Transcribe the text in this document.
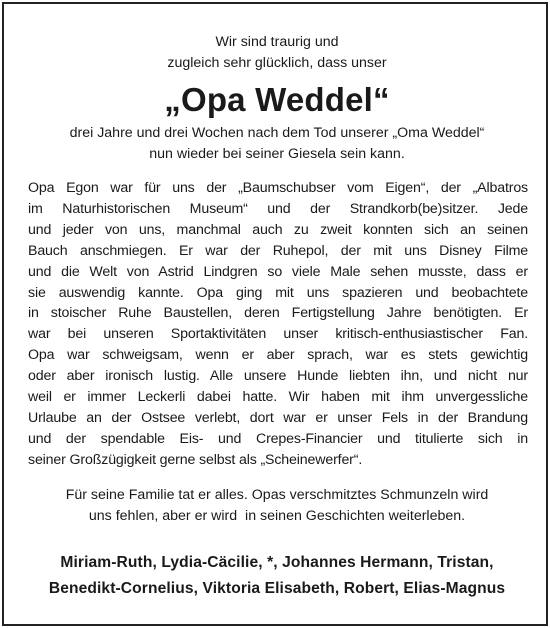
Wir sind traurig und
zugleich sehr glücklich, dass unser
„Opa Weddel“
drei Jahre und drei Wochen nach dem Tod unserer „Oma Weddel“
nun wieder bei seiner Giesela sein kann.
Opa Egon war für uns der „Baumschubser vom Eigen“, der „Albatros
im Naturhistorischen Museum“ und der Strandkorb(be)sitzer. Jede
und jeder von uns, manchmal auch zu zweit konnten sich an seinen
Bauch anschmiegen. Er war der Ruhepol, der mit uns Disney Filme
und die Welt von Astrid Lindgren so viele Male sehen musste, dass er
sie auswendig kannte. Opa ging mit uns spazieren und beobachtete
in stoischer Ruhe Baustellen, deren Fertigstellung Jahre benötigten. Er
war bei unseren Sportaktivitäten unser kritisch-enthusiastischer Fan.
Opa war schweigsam, wenn er aber sprach, war es stets gewichtig
oder aber ironisch lustig. Alle unsere Hunde liebten ihn, und nicht nur
weil er immer Leckerli dabei hatte. Wir haben mit ihm unvergessliche
Urlaube an der Ostsee verlebt, dort war er unser Fels in der Brandung
und der spendable Eis- und Crepes-Financier und titulierte sich in
seiner Großzügigkeit gerne selbst als „Scheinewerfer“.
Für seine Familie tat er alles. Opas verschmitztes Schmunzeln wird
uns fehlen, aber er wird  in seinen Geschichten weiterleben.
Miriam-Ruth, Lydia-Cäcilie, *, Johannes Hermann, Tristan,
Benedikt-Cornelius, Viktoria Elisabeth, Robert, Elias-Magnus
